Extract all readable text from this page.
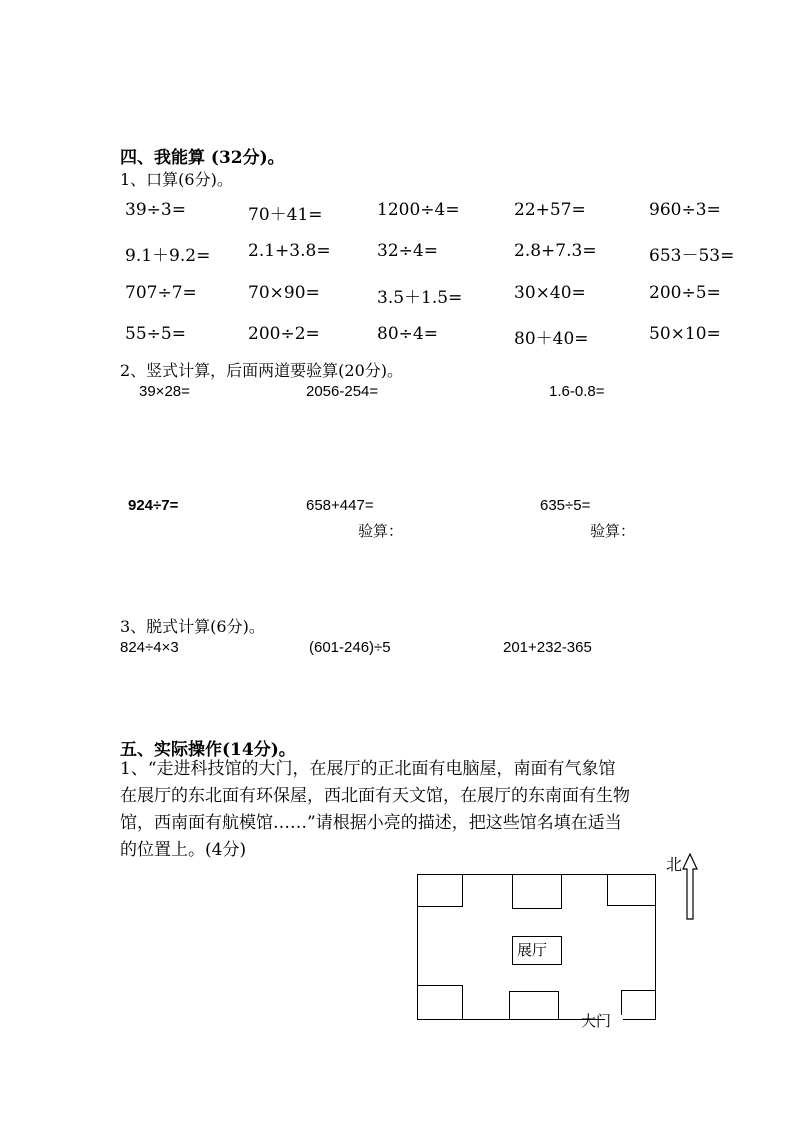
四、我能算 (32分)。
1、口算(6分)。
39÷3=	70＋41=	1200÷4=	22+57=	960÷3=
9.1＋9.2= 2.1+3.8=	32÷4=	2.8+7.3=	653－53=
707÷7=	70×90=	3.5＋1.5=	30×40=	200÷5=
55÷5=	200÷2=	80÷4=	80＋40=	50×10=
2、竖式计算，后面两道要验算(20分)。
39×28=	2056-254=	1.6-0.8=
924÷7=	658+447=	635÷5=
验算：	验算：
3、脱式计算(6分)。
824÷4×3	(601-246)÷5	201+232-365
五、实际操作(14分)。
1、“走进科技馆的大门，在展厅的正北面有电脑屋，南面有气象馆
在展厅的东北面有环保屋，西北面有天文馆，在展厅的东南面有生物
馆，西南面有航模馆……”请根据小亮的描述，把这些馆名填在适当
的位置上。(4分)
展厅
大门
北
